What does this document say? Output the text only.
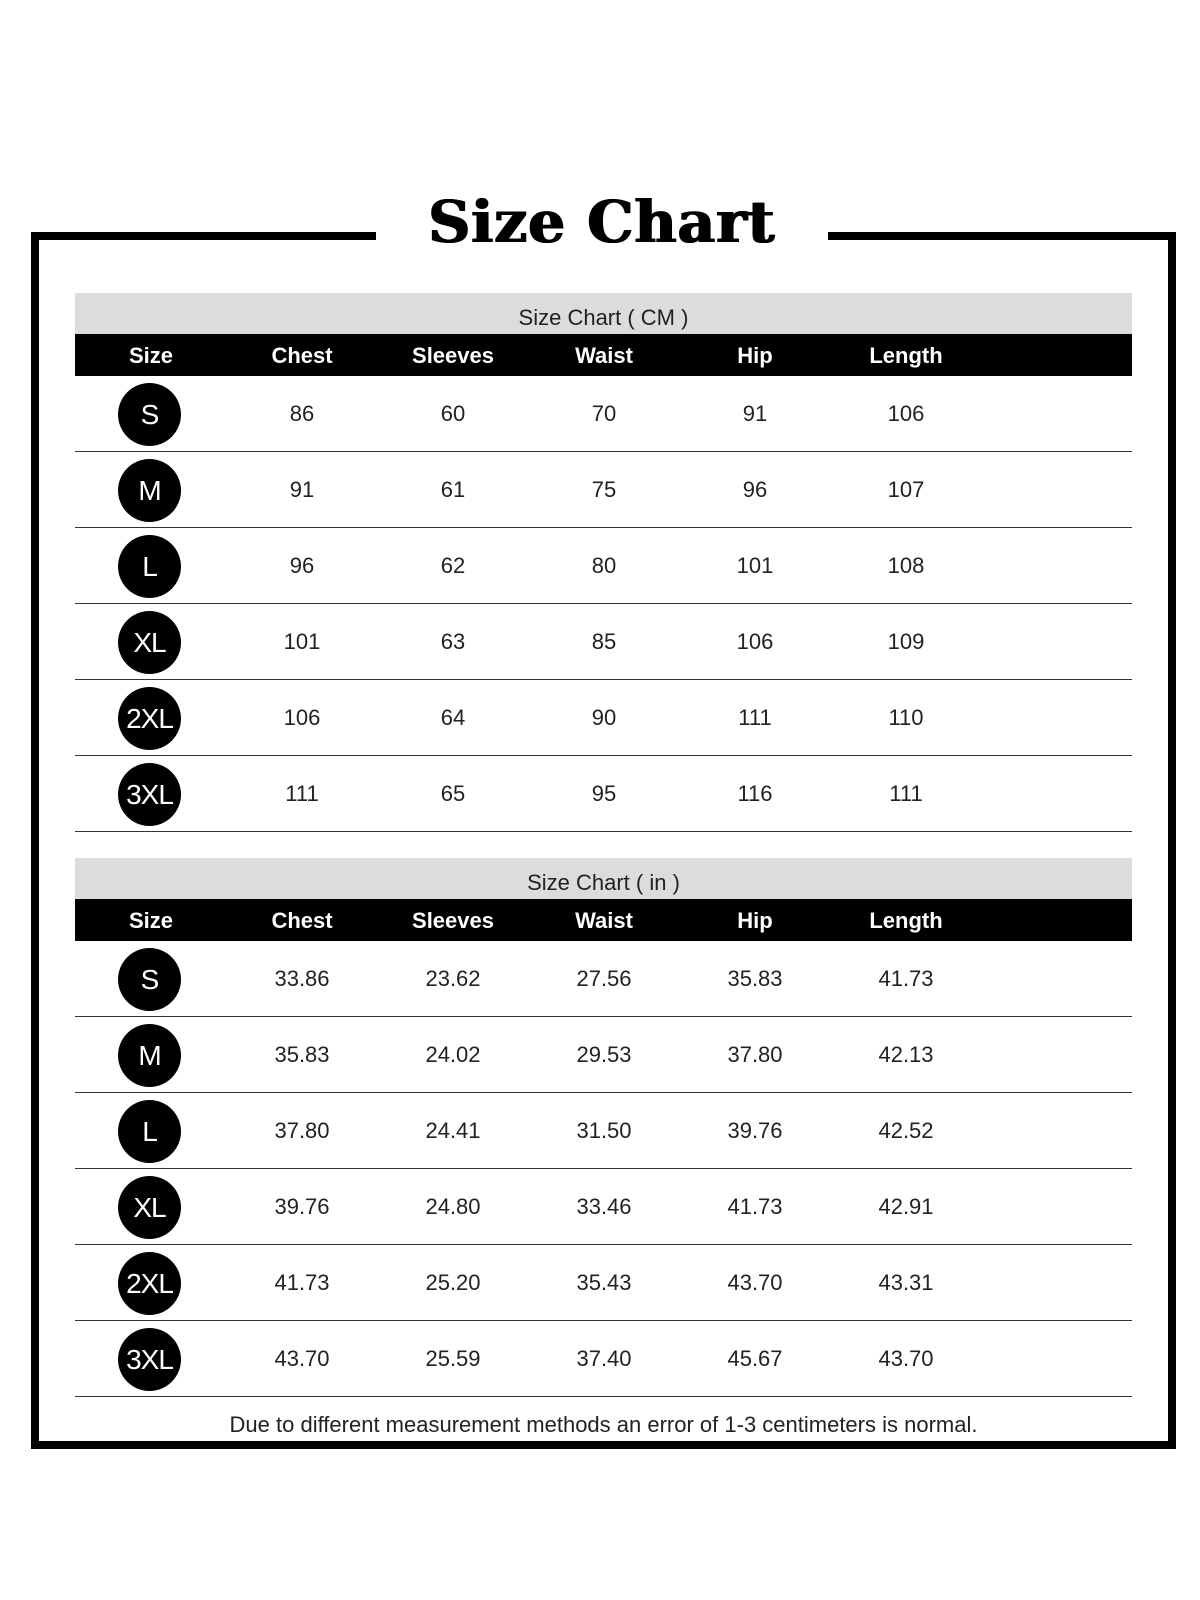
Size Chart
Size Chart ( CM )
Size	Chest	Sleeves	Waist	Hip	Length
S	86	60	70	91	106
M	91	61	75	96	107
L	96	62	80	101	108
XL	101	63	85	106	109
2XL	106	64	90	111	110
3XL	111	65	95	116	111
Size Chart ( in )
Size	Chest	Sleeves	Waist	Hip	Length
S	33.86	23.62	27.56	35.83	41.73
M	35.83	24.02	29.53	37.80	42.13
L	37.80	24.41	31.50	39.76	42.52
XL	39.76	24.80	33.46	41.73	42.91
2XL	41.73	25.20	35.43	43.70	43.31
3XL	43.70	25.59	37.40	45.67	43.70
Due to different measurement methods an error of 1-3 centimeters is normal.
